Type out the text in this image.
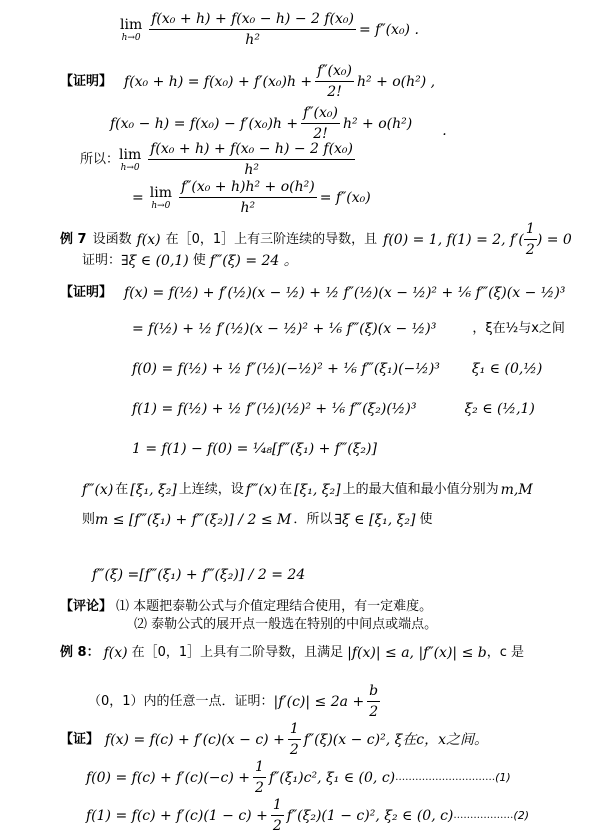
lim
$h\to 0 \frac{\text{f(x₀ + h) + f(x₀ − h) − 2 f(x₀)}}{\text{h²}} = f''(x_0)$ .
【证明】 $f(x_0 + h) = f(x_0) + f'(x_0)h + \frac{\text{f″(x₀)}}{2!} h^2 + o(h^2)$ ,
$f(x_0 - h) = f(x_0) - f'(x_0)h + \frac{\text{f″(x₀)}}{2!} h^2 + o(h^2)$ .
所以： lim
$h\to 0 \frac{\text{f(x₀ + h) + f(x₀ − h) − 2 f(x₀)}}{\text{h²}}$
= lim
$h\to 0 \frac{\text{f″(x₀ + h)h² + o(h²)}}{\text{h²}} = f''(x_0)$
例 7 设函数 f(x) 在［0，1］上有三阶连续的导数，且 f(0) = 1, f(1) = 2, $f'( \frac{1}{2}$ ) = 0
证明： ∃ξ ∈ (0,1) 使 f‴(ξ) = 24 。
【证明】 f(x) = f(½) + f′(½)(x − ½) + ½ f″(½)(x − ½)² + ⅙ f‴(ξ)(x − ½)³
= f(½) + ½ f′(½)(x − ½)² + ⅙ f‴(ξ)(x − ½)³	，ξ在½与x之间
f(0) = f(½) + ½ f″(½)(−½)² + ⅙ f‴(ξ₁)(−½)³ ξ₁ ∈ (0,½)
f(1) = f(½) + ½ f″(½)(½)² + ⅙ f‴(ξ₂)(½)³	ξ₂ ∈ (½,1)
1 = f(1) − f(0) = ¹⁄₄₈[f‴(ξ₁) + f‴(ξ₂)]
f‴(x) 在 [ξ₁, ξ₂] 上连续，设 f‴(x) 在 [ξ₁, ξ₂] 上的最大值和最小值分别为 m,M
则 m ≤ [f‴(ξ₁) + f‴(ξ₂)] / 2 ≤ M ．所以 ∃ξ ∈ [ξ₁, ξ₂] 使
f‴(ξ) =[f‴(ξ₁) + f‴(ξ₂)] / 2 = 24
【评论】 ⑴ 本题把泰勒公式与介值定理结合使用，有一定难度。
⑵ 泰勒公式的展开点一般选在特别的中间点或端点。
例 8： f(x) 在［0，1］上具有二阶导数，且满足 |f(x)| ≤ a, |f″(x)| ≤ b ，c 是
（0，1）内的任意一点．证明： $|f'(c)| \le 2a + \frac{b}{2}$
【证】 $f(x) = f(c) + f'(c)(x - c) + \frac{1}{2} f''(\xi)(x - c)^2$, ξ在c，x之间。
$f(0) = f(c) + f'(c)(-c) + \frac{1}{2} f''(\xi_1)c^2$, ξ₁ ∈ (0, c) ………………………… (1)
$f(1) = f(c) + f'(c)(1 - c) + \frac{1}{2} f''(\xi_2)(1 - c)^2$, ξ₂ ∈ (0, c) ……………… (2)
